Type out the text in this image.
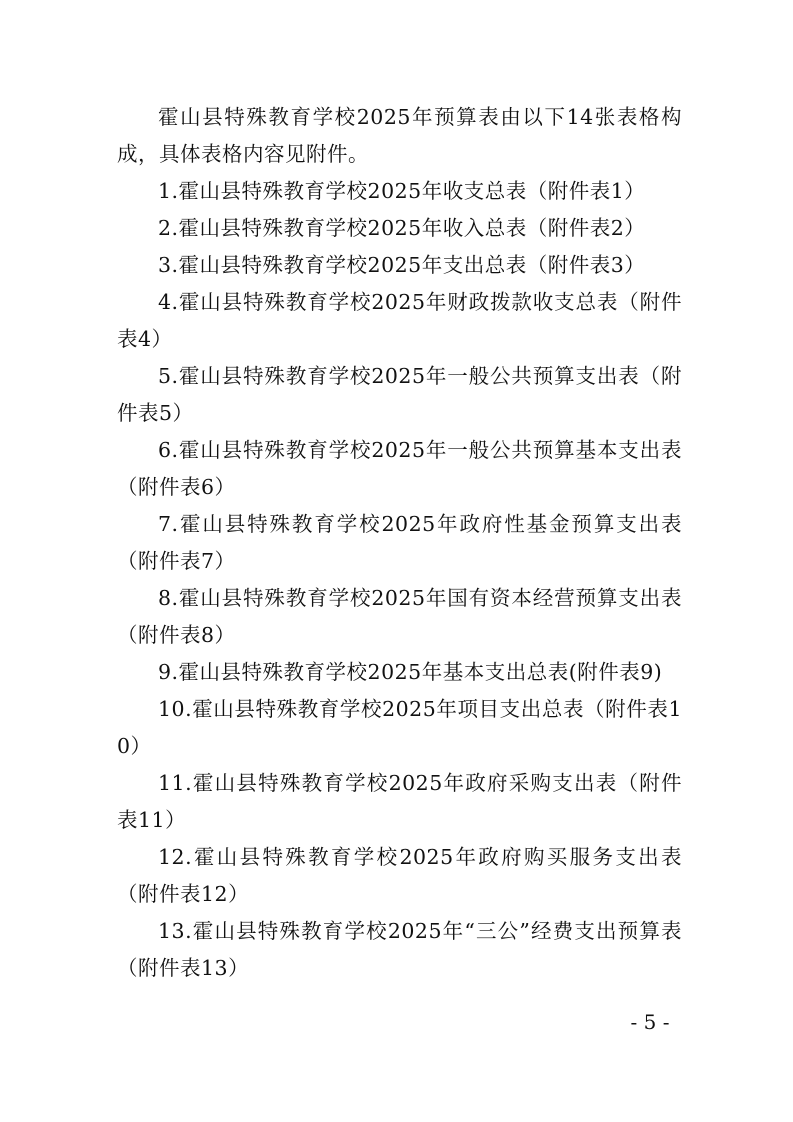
霍山县特殊教育学校2025年预算表由以下14张表格构成，具体表格内容见附件。

1.霍山县特殊教育学校2025年收支总表（附件表1）

2.霍山县特殊教育学校2025年收入总表（附件表2）

3.霍山县特殊教育学校2025年支出总表（附件表3）

4.霍山县特殊教育学校2025年财政拨款收支总表（附件表4）

5.霍山县特殊教育学校2025年一般公共预算支出表（附件表5）

6.霍山县特殊教育学校2025年一般公共预算基本支出表（附件表6）

7.霍山县特殊教育学校2025年政府性基金预算支出表（附件表7）

8.霍山县特殊教育学校2025年国有资本经营预算支出表（附件表8）

9.霍山县特殊教育学校2025年基本支出总表(附件表9)

10.霍山县特殊教育学校2025年项目支出总表（附件表10）

11.霍山县特殊教育学校2025年政府采购支出表（附件表11）

12.霍山县特殊教育学校2025年政府购买服务支出表（附件表12）

13.霍山县特殊教育学校2025年“三公”经费支出预算表（附件表13）

- 5 -
